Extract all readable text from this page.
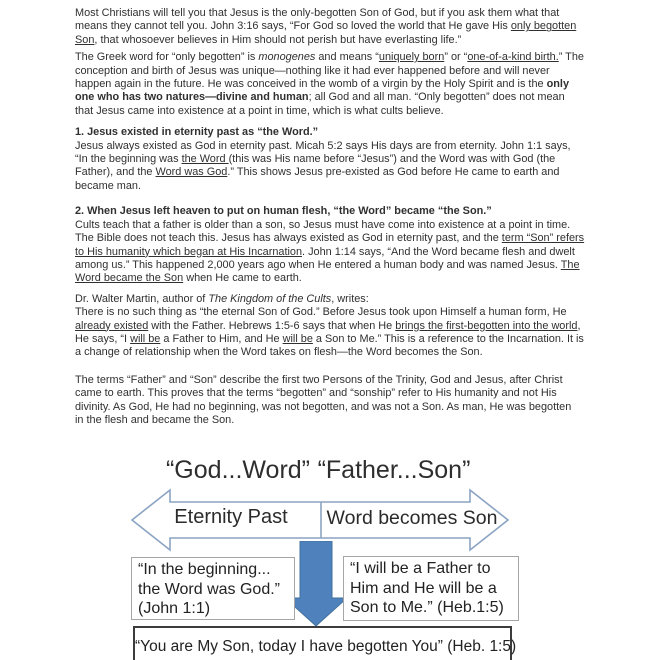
Most Christians will tell you that Jesus is the only-begotten Son of God, but if you ask them what that
means they cannot tell you. John 3:16 says, “For God so loved the world that He gave His only begotten
Son, that whosoever believes in Him should not perish but have everlasting life.”
The Greek word for “only begotten” is monogenes and means “uniquely born” or “one-of-a-kind birth.” The
conception and birth of Jesus was unique—nothing like it had ever happened before and will never
happen again in the future. He was conceived in the womb of a virgin by the Holy Spirit and is the only
one who has two natures—divine and human; all God and all man. “Only begotten” does not mean
that Jesus came into existence at a point in time, which is what cults believe.
1. Jesus existed in eternity past as “the Word.”
Jesus always existed as God in eternity past. Micah 5:2 says His days are from eternity. John 1:1 says,
“In the beginning was the Word (this was His name before “Jesus”) and the Word was with God (the
Father), and the Word was God.” This shows Jesus pre-existed as God before He came to earth and
became man.
2. When Jesus left heaven to put on human flesh, “the Word” became “the Son.”
Cults teach that a father is older than a son, so Jesus must have come into existence at a point in time.
The Bible does not teach this. Jesus has always existed as God in eternity past, and the term “Son” refers
to His humanity which began at His Incarnation. John 1:14 says, “And the Word became flesh and dwelt
among us.” This happened 2,000 years ago when He entered a human body and was named Jesus. The
Word became the Son when He came to earth.
Dr. Walter Martin, author of The Kingdom of the Cults, writes:
There is no such thing as “the eternal Son of God.” Before Jesus took upon Himself a human form, He
already existed with the Father. Hebrews 1:5-6 says that when He brings the first-begotten into the world,
He says, “I will be a Father to Him, and He will be a Son to Me.” This is a reference to the Incarnation. It is
a change of relationship when the Word takes on flesh—the Word becomes the Son.
The terms “Father” and “Son” describe the first two Persons of the Trinity, God and Jesus, after Christ
came to earth. This proves that the terms “begotten” and “sonship” refer to His humanity and not His
divinity. As God, He had no beginning, was not begotten, and was not a Son. As man, He was begotten
in the flesh and became the Son.
“God...Word” “Father...Son”
Eternity Past	Word becomes Son
“In the beginning...
the Word was God.”
(John 1:1)
“I will be a Father to
Him and He will be a
Son to Me.” (Heb.1:5)
“You are My Son, today I have begotten You” (Heb. 1:5)
